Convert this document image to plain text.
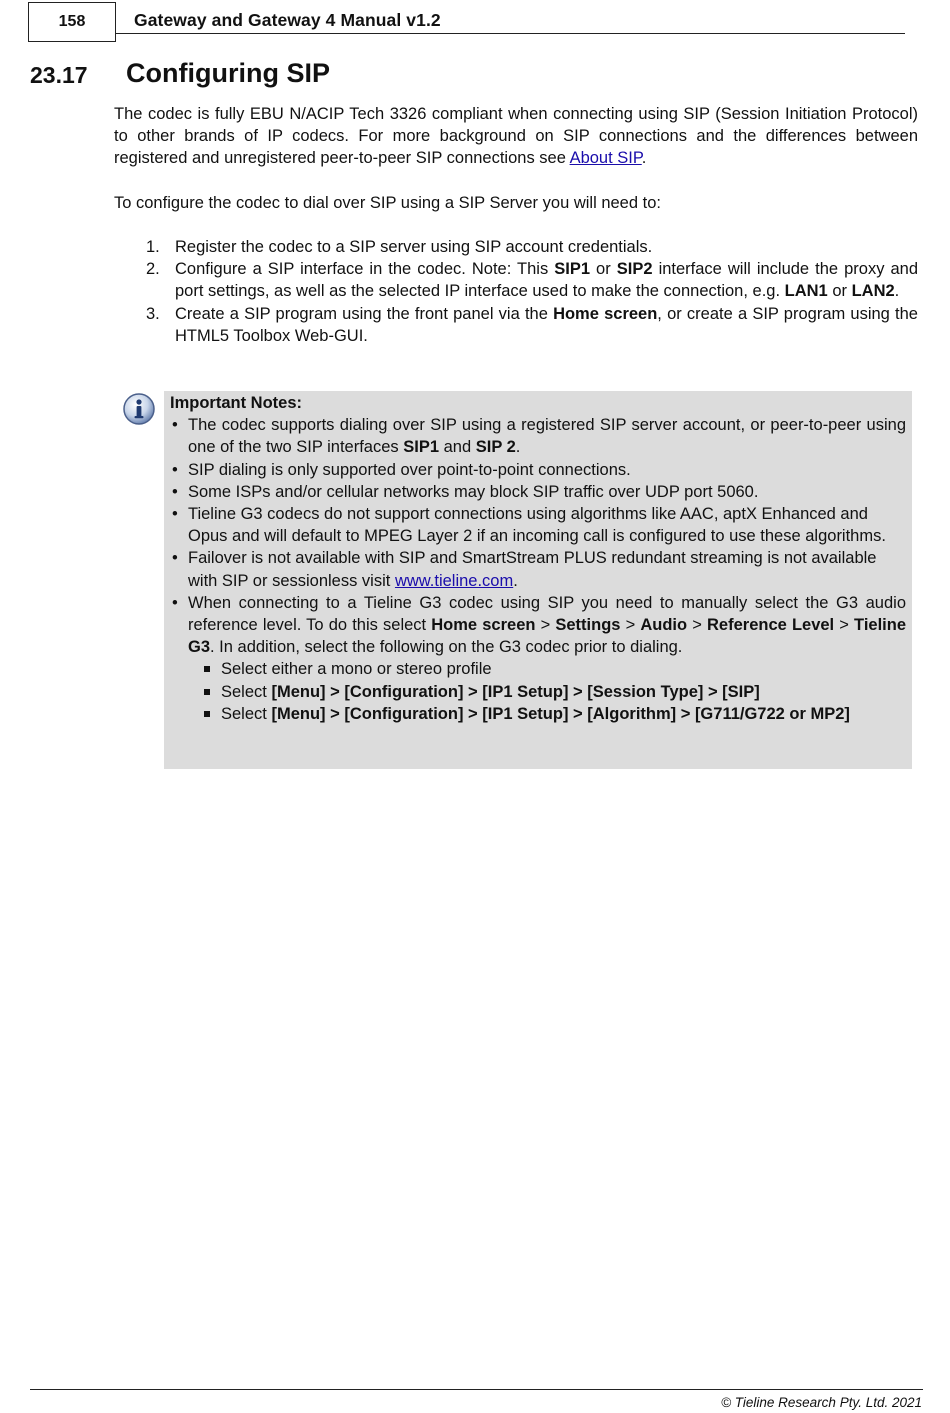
158	Gateway and Gateway 4 Manual v1.2
23.17 Configuring SIP
The codec is fully EBU N/ACIP Tech 3326 compliant when connecting using SIP (Session Initiation Protocol) to other brands of IP codecs. For more background on SIP connections and the differences between registered and unregistered peer-to-peer SIP connections see About SIP.
To configure the codec to dial over SIP using a SIP Server you will need to:
1. Register the codec to a SIP server using SIP account credentials.
2. Configure a SIP interface in the codec. Note: This SIP1 or SIP2 interface will include the proxy and port settings, as well as the selected IP interface used to make the connection, e.g. LAN1 or LAN2.
3. Create a SIP program using the front panel via the Home screen, or create a SIP program using the HTML5 Toolbox Web-GUI.
Important Notes:
• The codec supports dialing over SIP using a registered SIP server account, or peer-to-peer using one of the two SIP interfaces SIP1 and SIP 2.
• SIP dialing is only supported over point-to-point connections.
• Some ISPs and/or cellular networks may block SIP traffic over UDP port 5060.
• Tieline G3 codecs do not support connections using algorithms like AAC, aptX Enhanced and Opus and will default to MPEG Layer 2 if an incoming call is configured to use these algorithms.
• Failover is not available with SIP and SmartStream PLUS redundant streaming is not available with SIP or sessionless visit www.tieline.com.
• When connecting to a Tieline G3 codec using SIP you need to manually select the G3 audio reference level. To do this select Home screen > Settings > Audio > Reference Level > Tieline G3. In addition, select the following on the G3 codec prior to dialing.
Select either a mono or stereo profile
Select [Menu] > [Configuration] > [IP1 Setup] > [Session Type] > [SIP]
Select [Menu] > [Configuration] > [IP1 Setup] > [Algorithm] > [G711/G722 or MP2]
© Tieline Research Pty. Ltd. 2021
